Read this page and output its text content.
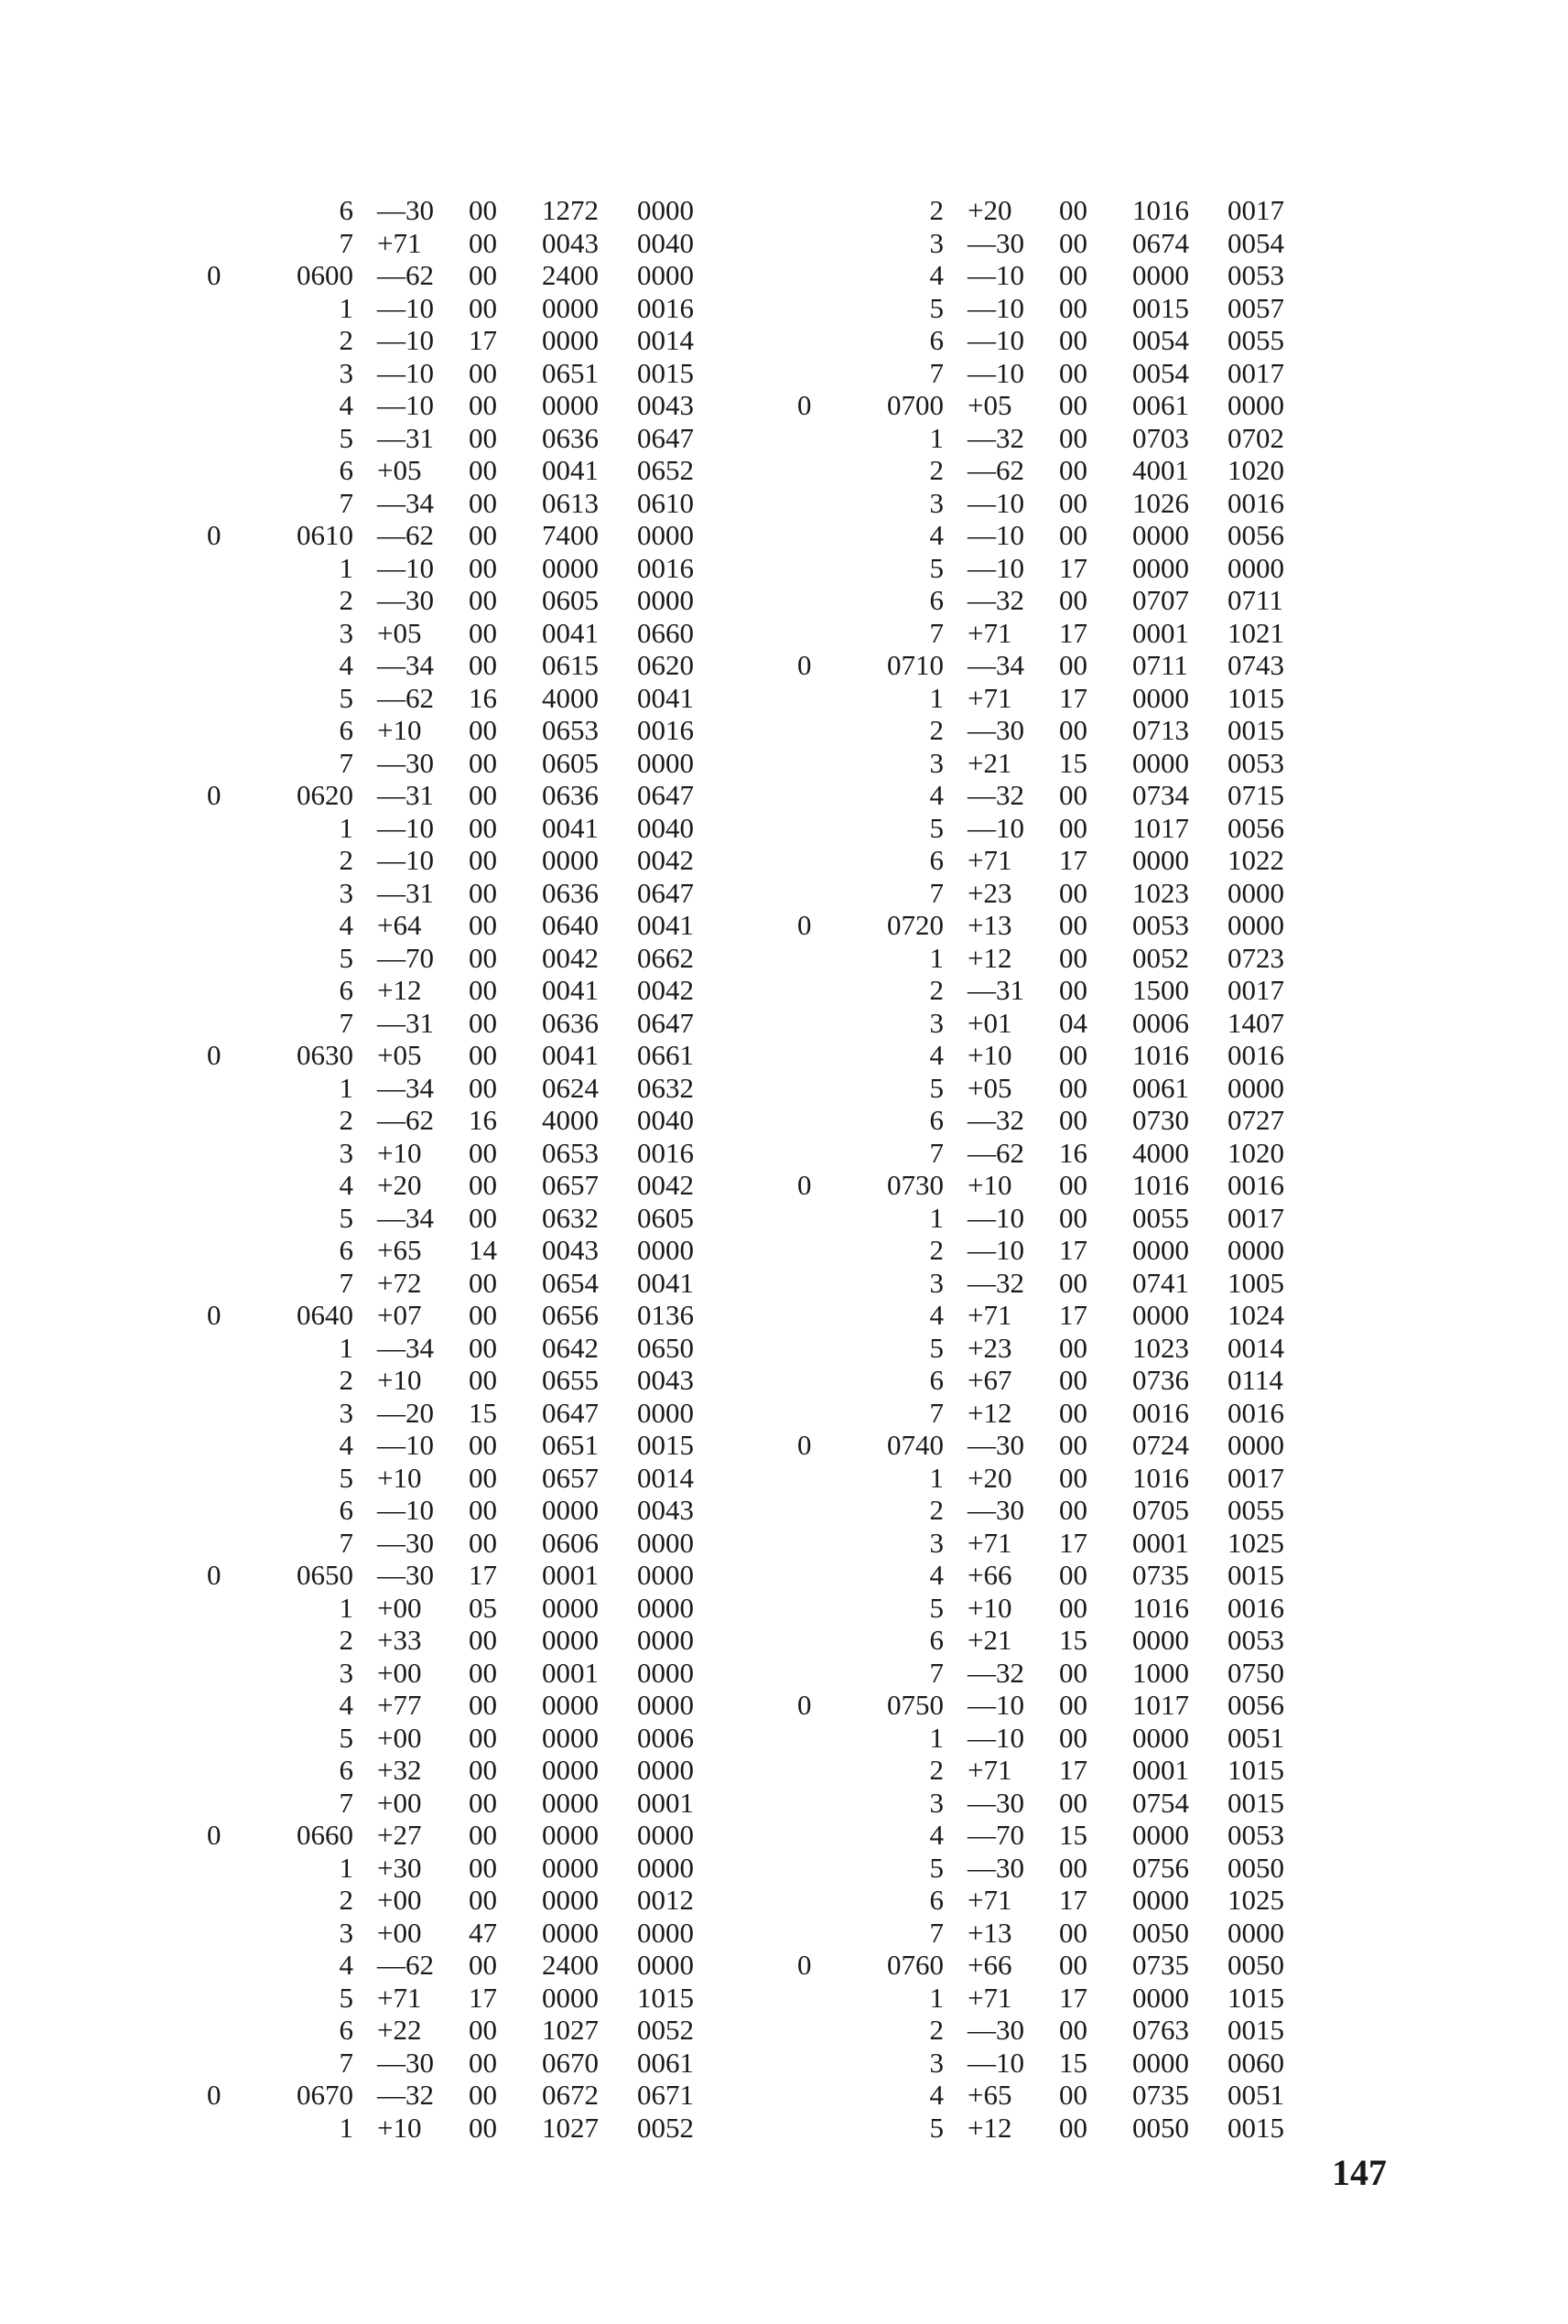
	6	—30	00	1272	0000
	7	+71	00	0043	0040
0	0600	—62	00	2400	0000
	1	—10	00	0000	0016
	2	—10	17	0000	0014
	3	—10	00	0651	0015
	4	—10	00	0000	0043
	5	—31	00	0636	0647
	6	+05	00	0041	0652
	7	—34	00	0613	0610
0	0610	—62	00	7400	0000
	1	—10	00	0000	0016
	2	—30	00	0605	0000
	3	+05	00	0041	0660
	4	—34	00	0615	0620
	5	—62	16	4000	0041
	6	+10	00	0653	0016
	7	—30	00	0605	0000
0	0620	—31	00	0636	0647
	1	—10	00	0041	0040
	2	—10	00	0000	0042
	3	—31	00	0636	0647
	4	+64	00	0640	0041
	5	—70	00	0042	0662
	6	+12	00	0041	0042
	7	—31	00	0636	0647
0	0630	+05	00	0041	0661
	1	—34	00	0624	0632
	2	—62	16	4000	0040
	3	+10	00	0653	0016
	4	+20	00	0657	0042
	5	—34	00	0632	0605
	6	+65	14	0043	0000
	7	+72	00	0654	0041
0	0640	+07	00	0656	0136
	1	—34	00	0642	0650
	2	+10	00	0655	0043
	3	—20	15	0647	0000
	4	—10	00	0651	0015
	5	+10	00	0657	0014
	6	—10	00	0000	0043
	7	—30	00	0606	0000
0	0650	—30	17	0001	0000
	1	+00	05	0000	0000
	2	+33	00	0000	0000
	3	+00	00	0001	0000
	4	+77	00	0000	0000
	5	+00	00	0000	0006
	6	+32	00	0000	0000
	7	+00	00	0000	0001
0	0660	+27	00	0000	0000
	1	+30	00	0000	0000
	2	+00	00	0000	0012
	3	+00	47	0000	0000
	4	—62	00	2400	0000
	5	+71	17	0000	1015
	6	+22	00	1027	0052
	7	—30	00	0670	0061
0	0670	—32	00	0672	0671
	1	+10	00	1027	0052
	2	+20	00	1016	0017
	3	—30	00	0674	0054
	4	—10	00	0000	0053
	5	—10	00	0015	0057
	6	—10	00	0054	0055
	7	—10	00	0054	0017
0	0700	+05	00	0061	0000
	1	—32	00	0703	0702
	2	—62	00	4001	1020
	3	—10	00	1026	0016
	4	—10	00	0000	0056
	5	—10	17	0000	0000
	6	—32	00	0707	0711
	7	+71	17	0001	1021
0	0710	—34	00	0711	0743
	1	+71	17	0000	1015
	2	—30	00	0713	0015
	3	+21	15	0000	0053
	4	—32	00	0734	0715
	5	—10	00	1017	0056
	6	+71	17	0000	1022
	7	+23	00	1023	0000
0	0720	+13	00	0053	0000
	1	+12	00	0052	0723
	2	—31	00	1500	0017
	3	+01	04	0006	1407
	4	+10	00	1016	0016
	5	+05	00	0061	0000
	6	—32	00	0730	0727
	7	—62	16	4000	1020
0	0730	+10	00	1016	0016
	1	—10	00	0055	0017
	2	—10	17	0000	0000
	3	—32	00	0741	1005
	4	+71	17	0000	1024
	5	+23	00	1023	0014
	6	+67	00	0736	0114
	7	+12	00	0016	0016
0	0740	—30	00	0724	0000
	1	+20	00	1016	0017
	2	—30	00	0705	0055
	3	+71	17	0001	1025
	4	+66	00	0735	0015
	5	+10	00	1016	0016
	6	+21	15	0000	0053
	7	—32	00	1000	0750
0	0750	—10	00	1017	0056
	1	—10	00	0000	0051
	2	+71	17	0001	1015
	3	—30	00	0754	0015
	4	—70	15	0000	0053
	5	—30	00	0756	0050
	6	+71	17	0000	1025
	7	+13	00	0050	0000
0	0760	+66	00	0735	0050
	1	+71	17	0000	1015
	2	—30	00	0763	0015
	3	—10	15	0000	0060
	4	+65	00	0735	0051
	5	+12	00	0050	0015
147
